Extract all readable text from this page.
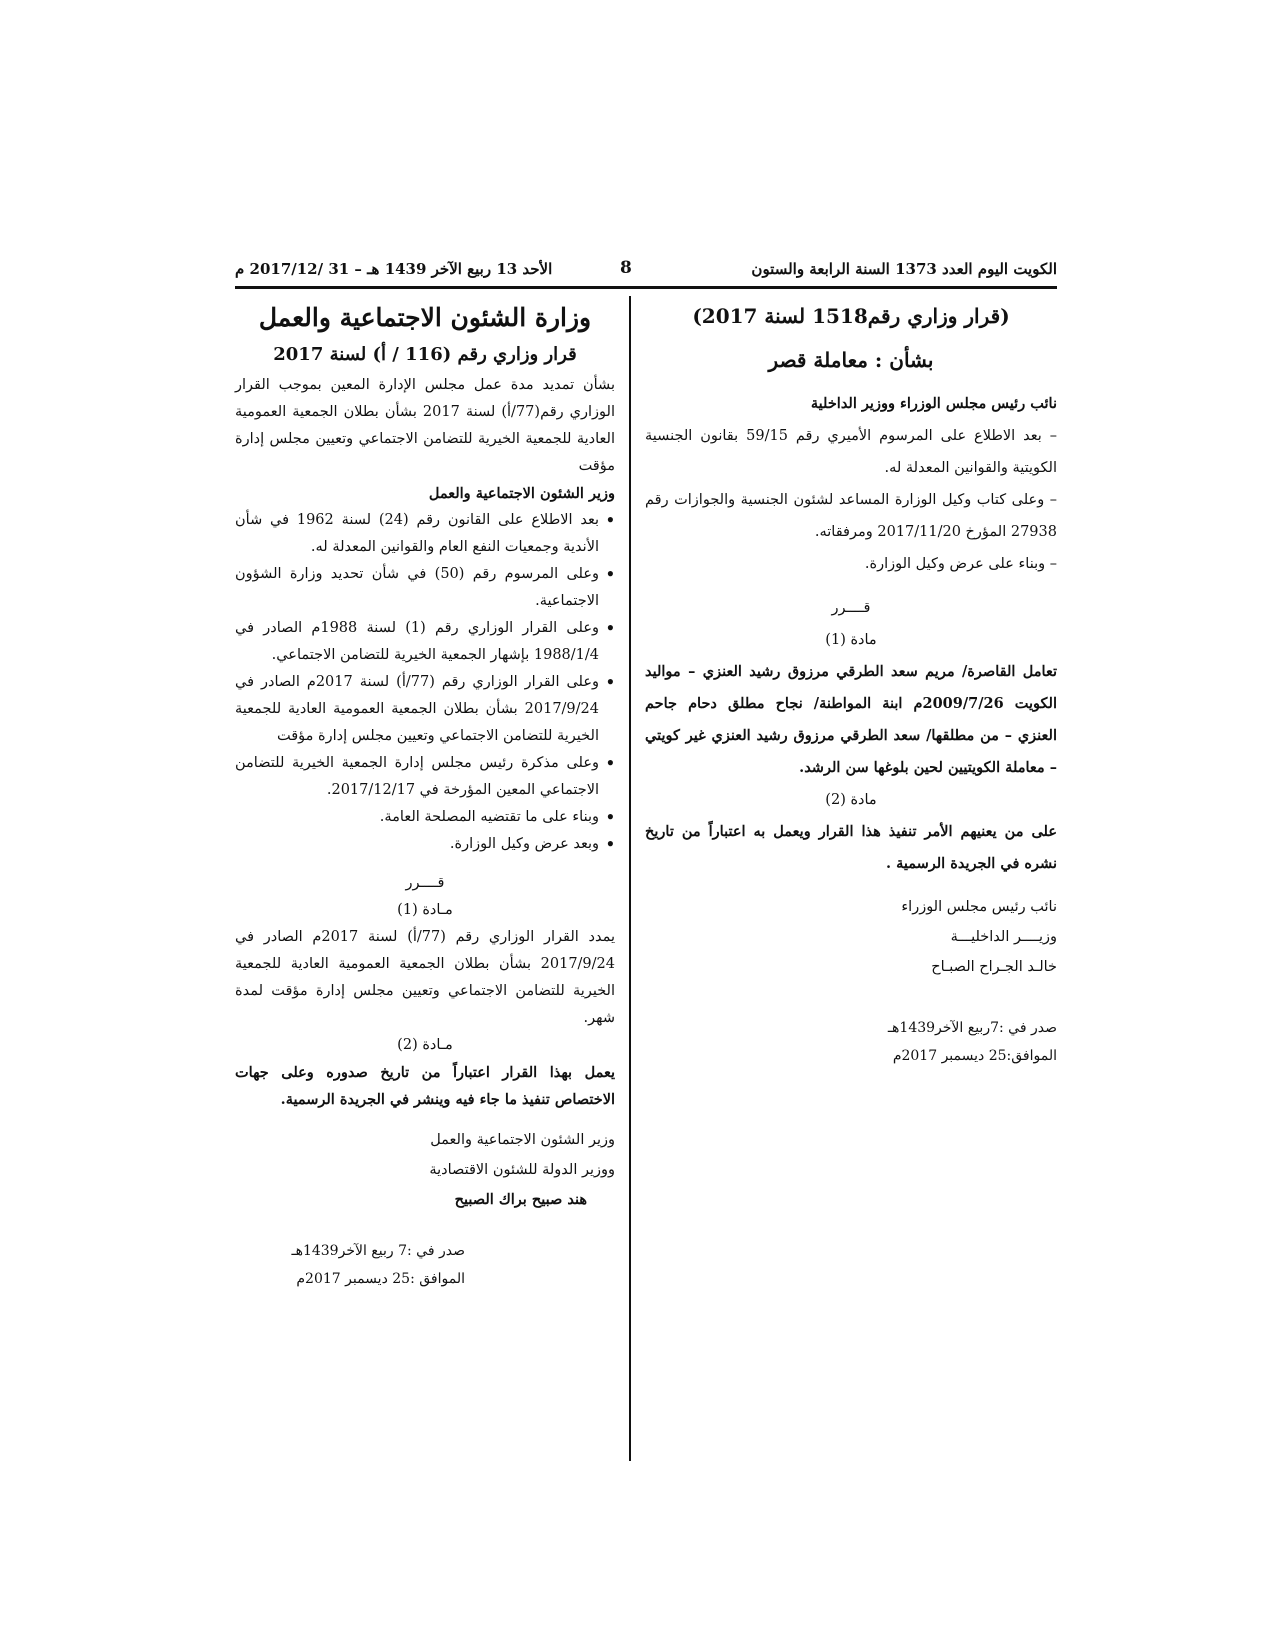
الكويت اليوم العدد 1373 السنة الرابعة والستون
8
الأحد 13 ربيع الآخر 1439 هـ – 31 /2017/12 م
(قرار وزاري رقم1518 لسنة 2017)
بشأن : معاملة قصر

نائب رئيس مجلس الوزراء ووزير الداخلية

– بعد الاطلاع على المرسوم الأميري رقم 59/15 بقانون الجنسية الكويتية والقوانين المعدلة له.

– وعلى كتاب وكيل الوزارة المساعد لشئون الجنسية والجوازات رقم 27938 المؤرخ 2017/11/20 ومرفقاته.

– وبناء على عرض وكيل الوزارة.

قــــرر

مادة (1)

تعامل القاصرة/ مريم سعد الطرقي مرزوق رشيد العنزي – مواليد الكويت 2009/7/26م ابنة المواطنة/ نجاح مطلق دحام جاحم العنزي – من مطلقها/ سعد الطرقي مرزوق رشيد العنزي غير كويتي – معاملة الكويتيين لحين بلوغها سن الرشد.

مادة (2)

على من يعنيهم الأمر تنفيذ هذا القرار ويعمل به اعتباراً من تاريخ نشره في الجريدة الرسمية .

نائب رئيس مجلس الوزراء

وزيــــر الداخليـــة

خالـد الجـراح الصبـاح

صدر في :7ربيع الآخر1439هـ

الموافق:25 ديسمبر 2017م

وزارة الشئون الاجتماعية والعمل
قرار وزاري رقم (116 / أ) لسنة 2017

بشأن تمديد مدة عمل مجلس الإدارة المعين بموجب القرار الوزاري رقم(77/أ) لسنة 2017 بشأن بطلان الجمعية العمومية العادية للجمعية الخيرية للتضامن الاجتماعي وتعيين مجلس إدارة مؤقت

وزير الشئون الاجتماعية والعمل

• بعد الاطلاع على القانون رقم (24) لسنة 1962 في شأن الأندية وجمعيات النفع العام والقوانين المعدلة له.
• وعلى المرسوم رقم (50) في شأن تحديد وزارة الشؤون الاجتماعية.
• وعلى القرار الوزاري رقم (1) لسنة 1988م الصادر في 1988/1/4 بإشهار الجمعية الخيرية للتضامن الاجتماعي.
• وعلى القرار الوزاري رقم (77/أ) لسنة 2017م الصادر في 2017/9/24 بشأن بطلان الجمعية العمومية العادية للجمعية الخيرية للتضامن الاجتماعي وتعيين مجلس إدارة مؤقت
• وعلى مذكرة رئيس مجلس إدارة الجمعية الخيرية للتضامن الاجتماعي المعين المؤرخة في 2017/12/17.
• وبناء على ما تقتضيه المصلحة العامة.
• وبعد عرض وكيل الوزارة.

قــــرر

مـادة (1)

يمدد القرار الوزاري رقم (77/أ) لسنة 2017م الصادر في 2017/9/24 بشأن بطلان الجمعية العمومية العادية للجمعية الخيرية للتضامن الاجتماعي وتعيين مجلس إدارة مؤقت لمدة شهر.

مـادة (2)

يعمل بهذا القرار اعتباراً من تاريخ صدوره وعلى جهات الاختصاص تنفيذ ما جاء فيه وينشر في الجريدة الرسمية.

وزير الشئون الاجتماعية والعمل

ووزير الدولة للشئون الاقتصادية

هند صبيح براك الصبيح

صدر في :7 ربيع الآخر1439هـ

الموافق :25 ديسمبر 2017م
